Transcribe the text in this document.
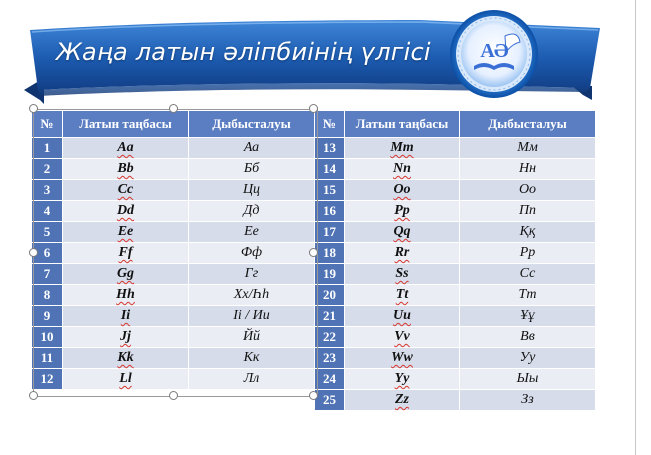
Жаңа латын әліпбиінің үлгісі	AƏ
№	Латын таңбасы	Дыбысталуы
1	Aa	Аа
2	Bb	Бб
3	Cc	Цц
4	Dd	Дд
5	Ee	Ее
6	Ff	Фф
7	Gg	Гг
8	Hh	Хх/Һh
9	Ii	Іі / Ии
10	Jj	Йй
11	Kk	Кк
12	Ll	Лл
№	Латын таңбасы	Дыбысталуы
13	Mm	Мм
14	Nn	Нн
15	Oo	Оо
16	Pp	Пп
17	Qq	Ққ
18	Rr	Рр
19	Ss	Сс
20	Tt	Тт
21	Uu	Ұұ
22	Vv	Вв
23	Ww	Уу
24	Yy	Ыы
25	Zz	Зз
